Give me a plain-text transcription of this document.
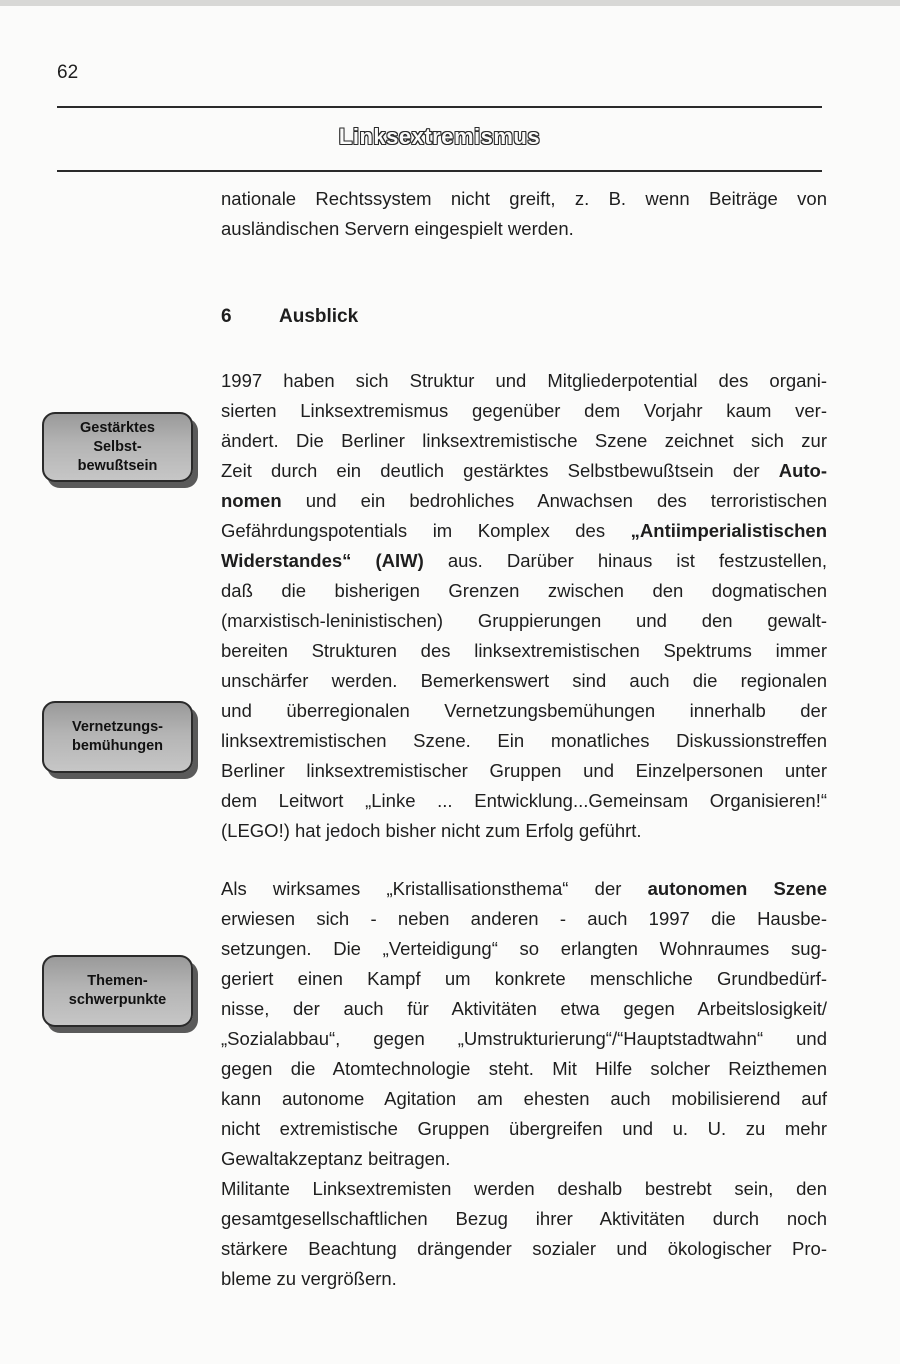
62
Linksextremismus
nationale Rechtssystem nicht greift, z. B. wenn Beiträge von
ausländischen Servern eingespielt werden.
6 Ausblick
1997 haben sich Struktur und Mitgliederpotential des organi-
sierten Linksextremismus gegenüber dem Vorjahr kaum ver-
ändert. Die Berliner linksextremistische Szene zeichnet sich zur
Zeit durch ein deutlich gestärktes Selbstbewußtsein der Auto-
nomen und ein bedrohliches Anwachsen des terroristischen
Gefährdungspotentials im Komplex des „Antiimperialistischen
Widerstandes“ (AIW) aus. Darüber hinaus ist festzustellen,
daß die bisherigen Grenzen zwischen den dogmatischen
(marxistisch-leninistischen) Gruppierungen und den gewalt-
bereiten Strukturen des linksextremistischen Spektrums immer
unschärfer werden. Bemerkenswert sind auch die regionalen
und überregionalen Vernetzungsbemühungen innerhalb der
linksextremistischen Szene. Ein monatliches Diskussionstreffen
Berliner linksextremistischer Gruppen und Einzelpersonen unter
dem Leitwort „Linke ... Entwicklung...Gemeinsam Organisieren!“
(LEGO!) hat jedoch bisher nicht zum Erfolg geführt.
Als wirksames „Kristallisationsthema“ der autonomen Szene
erwiesen sich - neben anderen - auch 1997 die Hausbe-
setzungen. Die „Verteidigung“ so erlangten Wohnraumes sug-
geriert einen Kampf um konkrete menschliche Grundbedürf-
nisse, der auch für Aktivitäten etwa gegen Arbeitslosigkeit/
„Sozialabbau“, gegen „Umstrukturierung“/“Hauptstadtwahn“ und
gegen die Atomtechnologie steht. Mit Hilfe solcher Reizthemen
kann autonome Agitation am ehesten auch mobilisierend auf
nicht extremistische Gruppen übergreifen und u. U. zu mehr
Gewaltakzeptanz beitragen.
Militante Linksextremisten werden deshalb bestrebt sein, den
gesamtgesellschaftlichen Bezug ihrer Aktivitäten durch noch
stärkere Beachtung drängender sozialer und ökologischer Pro-
bleme zu vergrößern.
Gestärktes
Selbst-
bewußtsein
Vernetzungs-
bemühungen
Themen-
schwerpunkte
